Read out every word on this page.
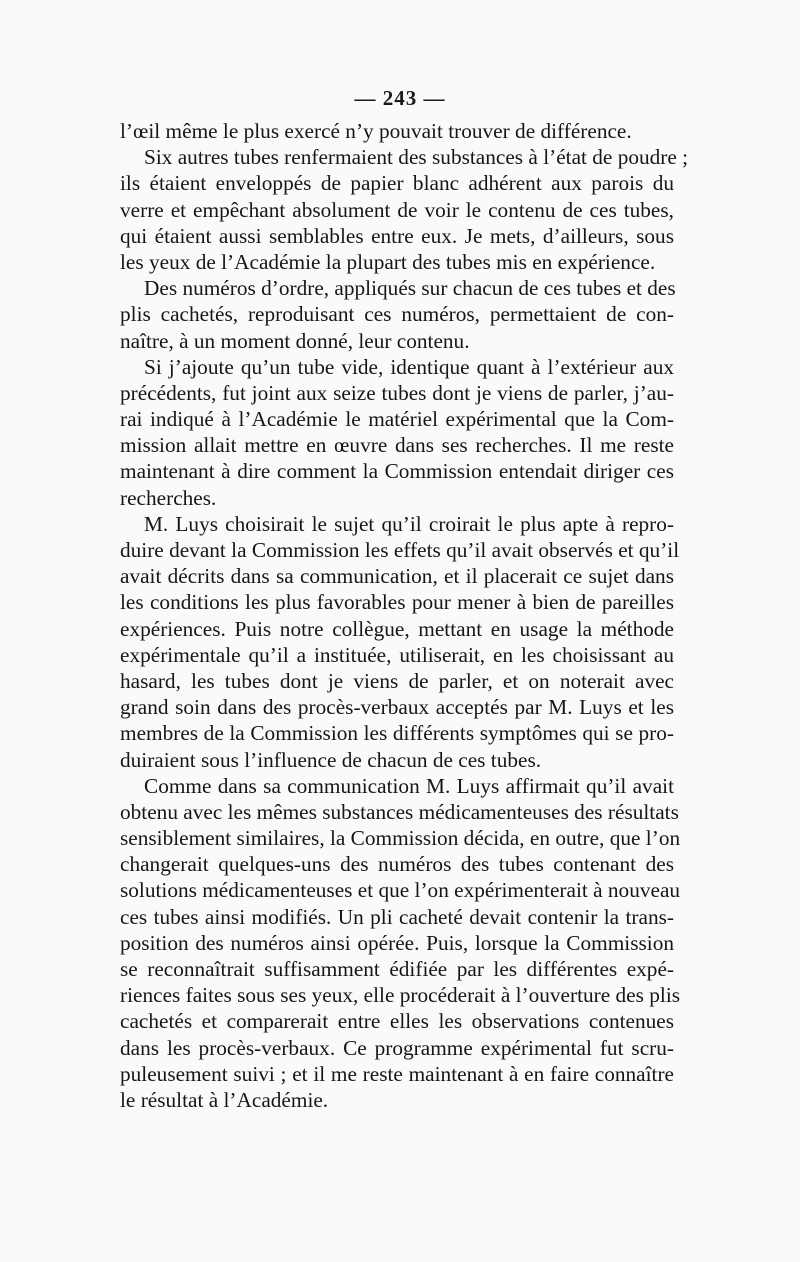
— 243 —
l’œil même le plus exercé n’y pouvait trouver de différence.
Six autres tubes renfermaient des substances à l’état de poudre ;
ils étaient enveloppés de papier blanc adhérent aux parois du
verre et empêchant absolument de voir le contenu de ces tubes,
qui étaient aussi semblables entre eux. Je mets, d’ailleurs, sous
les yeux de l’Académie la plupart des tubes mis en expérience.
Des numéros d’ordre, appliqués sur chacun de ces tubes et des
plis cachetés, reproduisant ces numéros, permettaient de con-
naître, à un moment donné, leur contenu.
Si j’ajoute qu’un tube vide, identique quant à l’extérieur aux
précédents, fut joint aux seize tubes dont je viens de parler, j’au-
rai indiqué à l’Académie le matériel expérimental que la Com-
mission allait mettre en œuvre dans ses recherches. Il me reste
maintenant à dire comment la Commission entendait diriger ces
recherches.
M. Luys choisirait le sujet qu’il croirait le plus apte à repro-
duire devant la Commission les effets qu’il avait observés et qu’il
avait décrits dans sa communication, et il placerait ce sujet dans
les conditions les plus favorables pour mener à bien de pareilles
expériences. Puis notre collègue, mettant en usage la méthode
expérimentale qu’il a instituée, utiliserait, en les choisissant au
hasard, les tubes dont je viens de parler, et on noterait avec
grand soin dans des procès-verbaux acceptés par M. Luys et les
membres de la Commission les différents symptômes qui se pro-
duiraient sous l’influence de chacun de ces tubes.
Comme dans sa communication M. Luys affirmait qu’il avait
obtenu avec les mêmes substances médicamenteuses des résultats
sensiblement similaires, la Commission décida, en outre, que l’on
changerait quelques-uns des numéros des tubes contenant des
solutions médicamenteuses et que l’on expérimenterait à nouveau
ces tubes ainsi modifiés. Un pli cacheté devait contenir la trans-
position des numéros ainsi opérée. Puis, lorsque la Commission
se reconnaîtrait suffisamment édifiée par les différentes expé-
riences faites sous ses yeux, elle procéderait à l’ouverture des plis
cachetés et comparerait entre elles les observations contenues
dans les procès-verbaux. Ce programme expérimental fut scru-
puleusement suivi ; et il me reste maintenant à en faire connaître
le résultat à l’Académie.
